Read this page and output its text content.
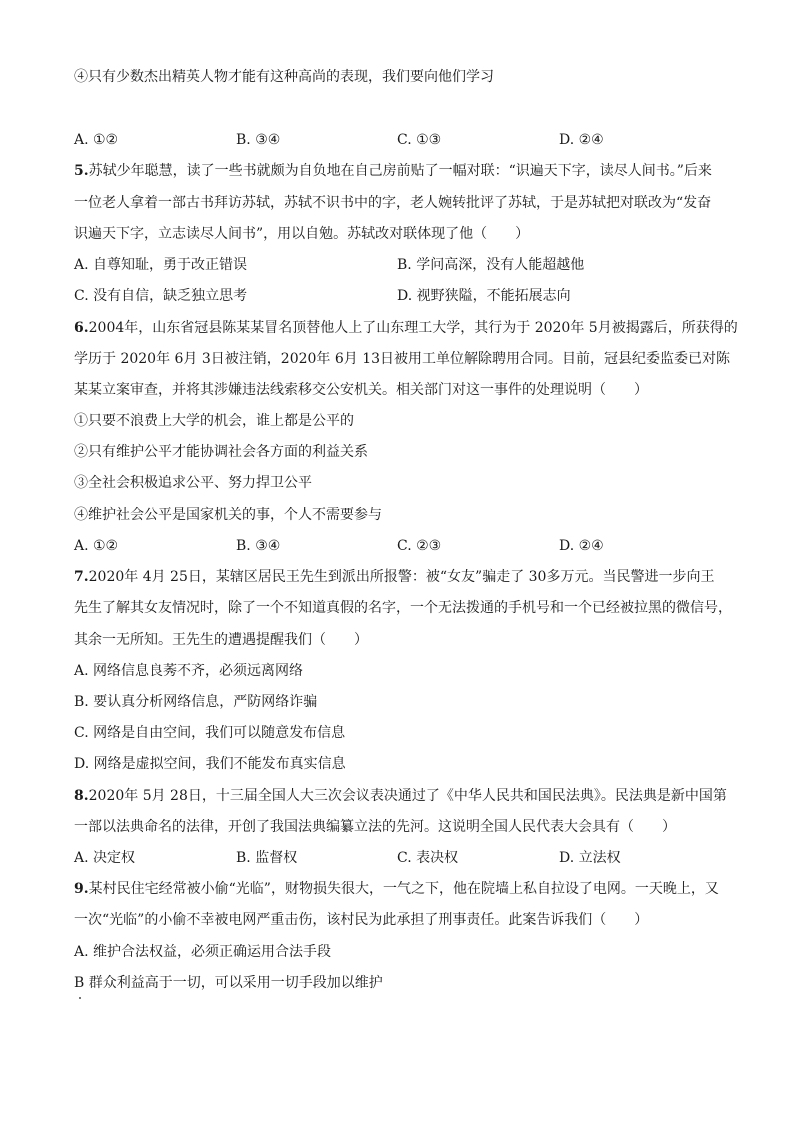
④只有少数杰出精英人物才能有这种高尚的表现，我们要向他们学习
A. ①②	B. ③④	C. ①③	D. ②④
5.苏轼少年聪慧，读了一些书就颇为自负地在自己房前贴了一幅对联：“识遍天下字，读尽人间书。”后来
一位老人拿着一部古书拜访苏轼，苏轼不识书中的字，老人婉转批评了苏轼，于是苏轼把对联改为“发奋
识遍天下字，立志读尽人间书”，用以自勉。苏轼改对联体现了他（　　）
A. 自尊知耻，勇于改正错误	B. 学问高深，没有人能超越他
C. 没有自信，缺乏独立思考	D. 视野狭隘，不能拓展志向
6.2004年，山东省冠县陈某某冒名顶替他人上了山东理工大学，其行为于 2020年 5月被揭露后，所获得的
学历于 2020年 6月 3日被注销，2020年 6月 13日被用工单位解除聘用合同。目前，冠县纪委监委已对陈
某某立案审查，并将其涉嫌违法线索移交公安机关。相关部门对这一事件的处理说明（　　）
①只要不浪费上大学的机会，谁上都是公平的
②只有维护公平才能协调社会各方面的利益关系
③全社会积极追求公平、努力捍卫公平
④维护社会公平是国家机关的事，个人不需要参与
A. ①②	B. ③④	C. ②③	D. ②④
7.2020年 4月 25日，某辖区居民王先生到派出所报警：被“女友”骗走了 30多万元。当民警进一步向王
先生了解其女友情况时，除了一个不知道真假的名字，一个无法拨通的手机号和一个已经被拉黑的微信号，
其余一无所知。王先生的遭遇提醒我们（　　）
A. 网络信息良莠不齐，必须远离网络
B. 要认真分析网络信息，严防网络诈骗
C. 网络是自由空间，我们可以随意发布信息
D. 网络是虚拟空间，我们不能发布真实信息
8.2020年 5月 28日，十三届全国人大三次会议表决通过了《中华人民共和国民法典》。民法典是新中国第
一部以法典命名的法律，开创了我国法典编纂立法的先河。这说明全国人民代表大会具有（　　）
A. 决定权	B. 监督权	C. 表决权	D. 立法权
9.某村民住宅经常被小偷“光临”，财物损失很大，一气之下，他在院墙上私自拉设了电网。一天晚上，又
一次“光临”的小偷不幸被电网严重击伤，该村民为此承担了刑事责任。此案告诉我们（　　）
A. 维护合法权益，必须正确运用合法手段
B 群众利益高于一切，可以采用一切手段加以维护
